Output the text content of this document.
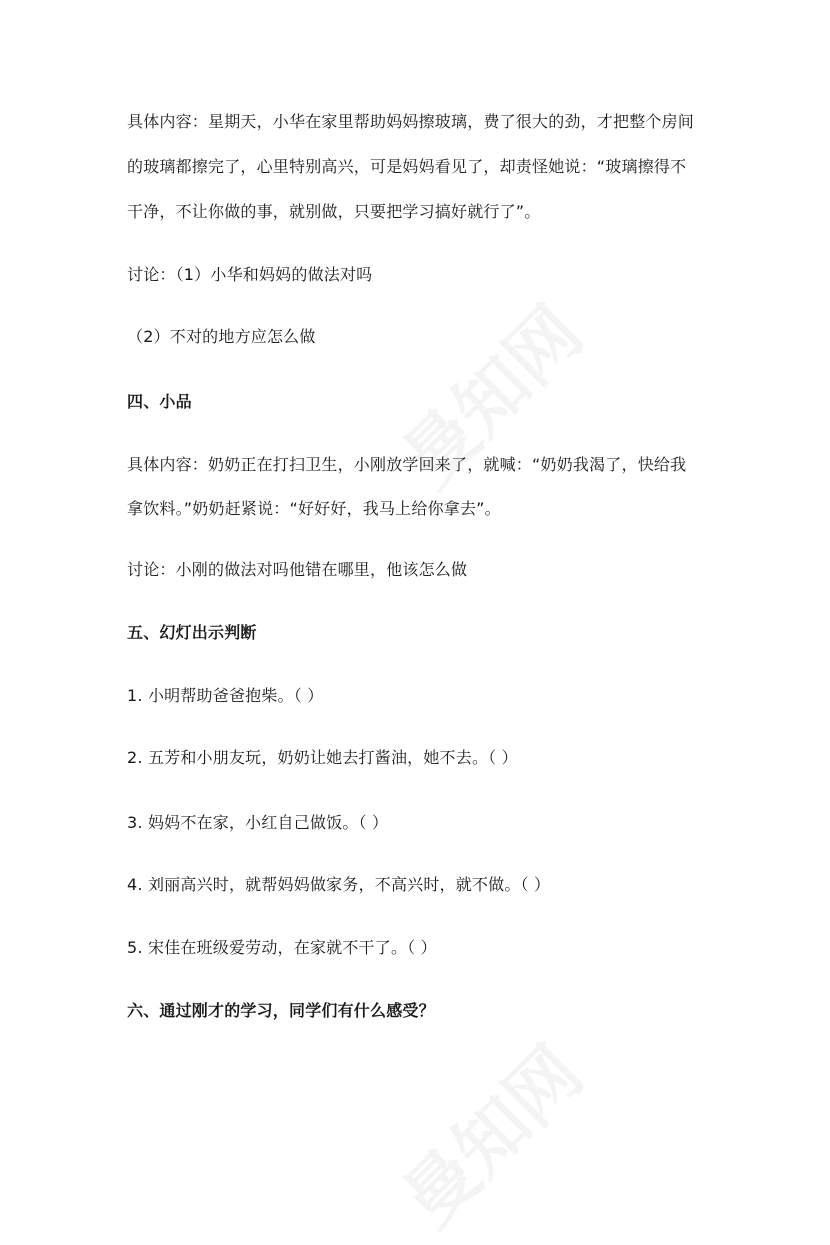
具体内容：星期天，小华在家里帮助妈妈擦玻璃，费了很大的劲，才把整个房间
的玻璃都擦完了，心里特别高兴，可是妈妈看见了，却责怪她说：“玻璃擦得不
干净，不让你做的事，就别做，只要把学习搞好就行了”。
讨论：（1）小华和妈妈的做法对吗
（2）不对的地方应怎么做
四、小品
具体内容：奶奶正在打扫卫生，小刚放学回来了，就喊：“奶奶我渴了，快给我
拿饮料。”奶奶赶紧说：“好好好，我马上给你拿去”。
讨论：小刚的做法对吗他错在哪里，他该怎么做
五、幻灯出示判断
1. 小明帮助爸爸抱柴。（ ）
2. 五芳和小朋友玩，奶奶让她去打酱油，她不去。（ ）
3. 妈妈不在家，小红自己做饭。（ ）
4. 刘丽高兴时，就帮妈妈做家务，不高兴时，就不做。（ ）
5. 宋佳在班级爱劳动，在家就不干了。（ ）
六、通过刚才的学习，同学们有什么感受？
